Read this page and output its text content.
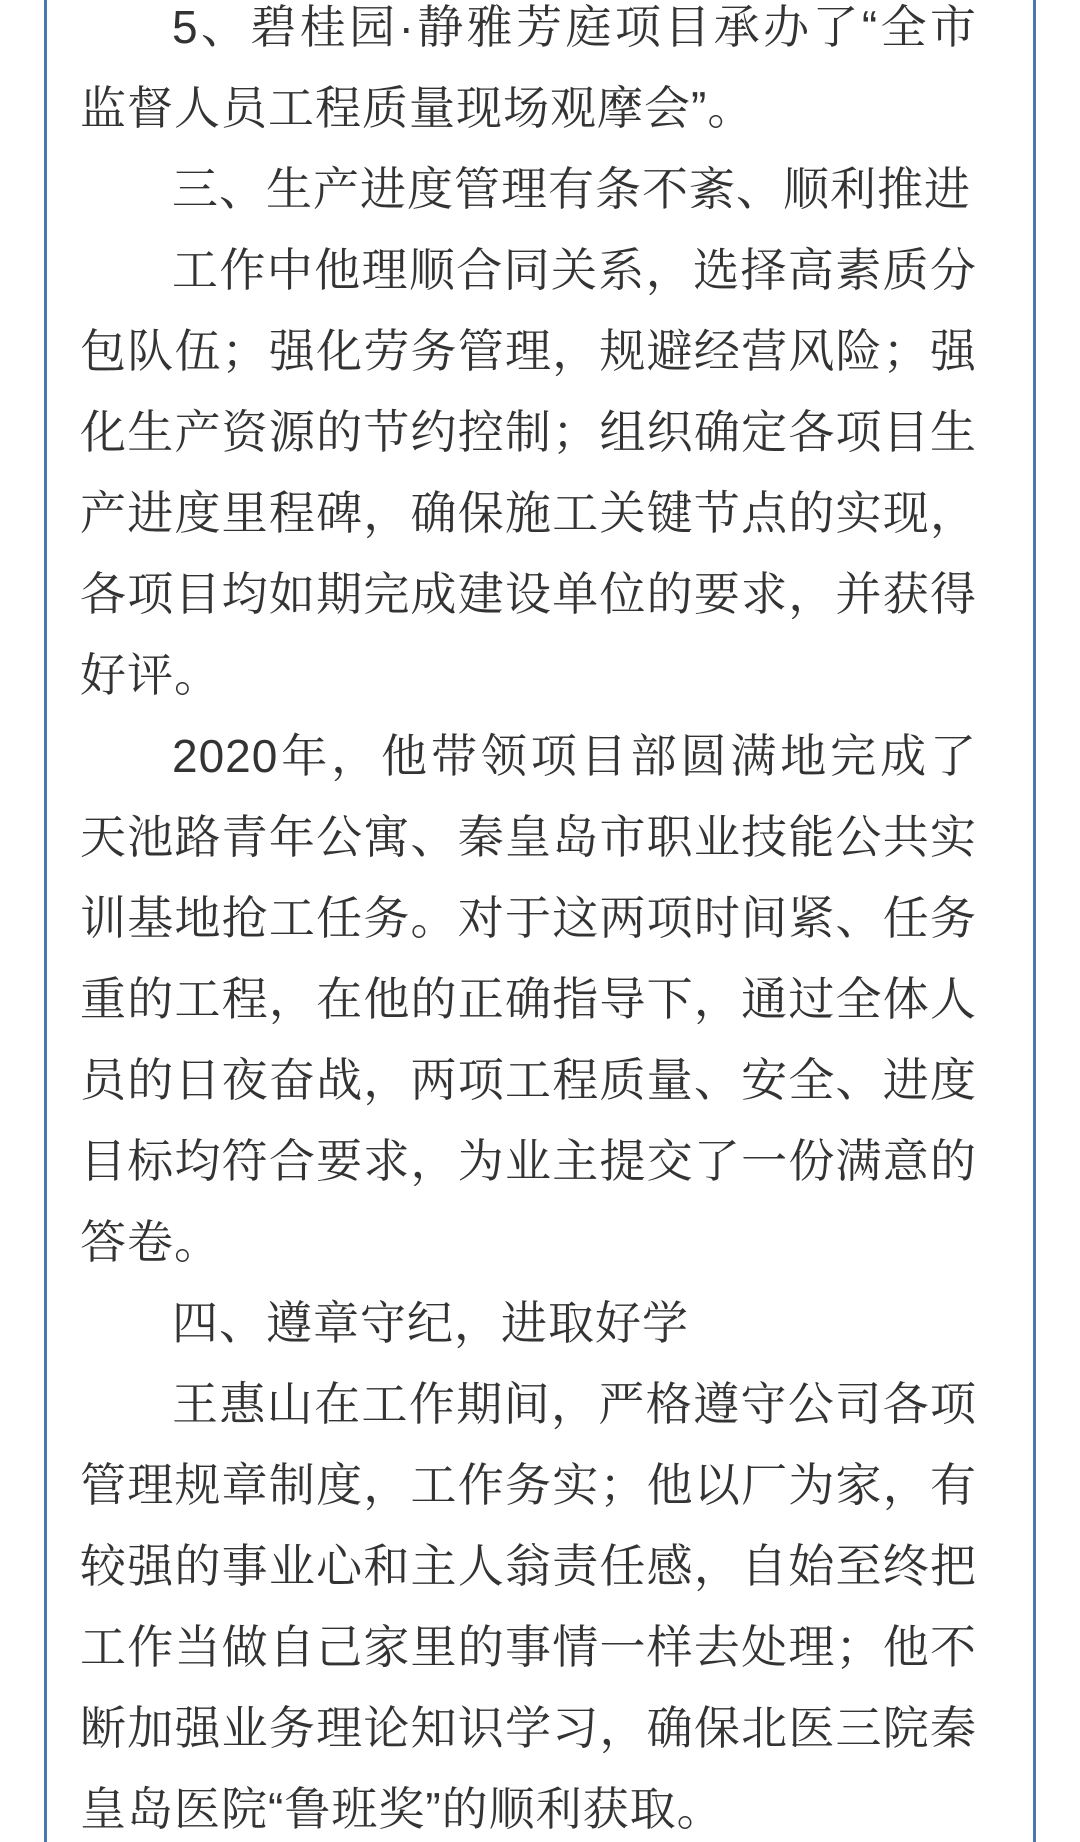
5、碧桂园·静雅芳庭项目承办了“全市监督人员工程质量现场观摩会”。

三、生产进度管理有条不紊、顺利推进

工作中他理顺合同关系，选择高素质分包队伍；强化劳务管理，规避经营风险；强化生产资源的节约控制；组织确定各项目生产进度里程碑，确保施工关键节点的实现，各项目均如期完成建设单位的要求，并获得好评。

2020年，他带领项目部圆满地完成了天池路青年公寓、秦皇岛市职业技能公共实训基地抢工任务。对于这两项时间紧、任务重的工程，在他的正确指导下，通过全体人员的日夜奋战，两项工程质量、安全、进度目标均符合要求，为业主提交了一份满意的答卷。

四、遵章守纪，进取好学

王惠山在工作期间，严格遵守公司各项管理规章制度，工作务实；他以厂为家，有较强的事业心和主人翁责任感，自始至终把工作当做自己家里的事情一样去处理；他不断加强业务理论知识学习，确保北医三院秦皇岛医院“鲁班奖”的顺利获取。
